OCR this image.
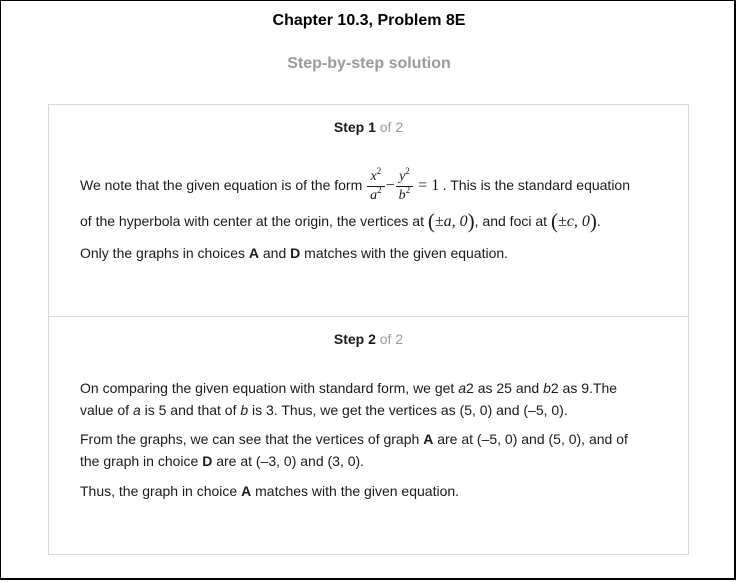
Chapter 10.3, Problem 8E
Step-by-step solution
Step 1 of 2

We note that the given equation is of the form $\frac{x^2}{a^2} - \frac{y^2}{b^2} = 1$ . This is the standard equation

of the hyperbola with center at the origin, the vertices at (±a, 0), and foci at (±c, 0).

Only the graphs in choices A and D matches with the given equation.

Step 2 of 2

On comparing the given equation with standard form, we get a2 as 25 and b2 as 9.The
value of a is 5 and that of b is 3. Thus, we get the vertices as (5, 0) and (–5, 0).

From the graphs, we can see that the vertices of graph A are at (–5, 0) and (5, 0), and of
the graph in choice D are at (–3, 0) and (3, 0).

Thus, the graph in choice A matches with the given equation.
